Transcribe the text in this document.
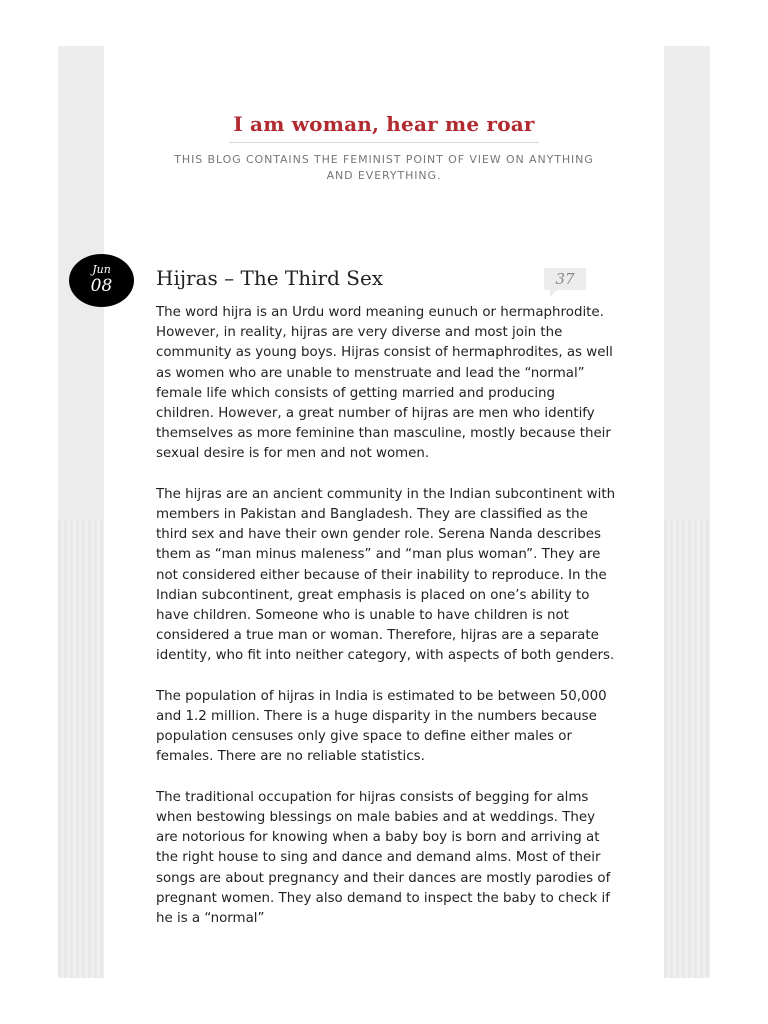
I am woman, hear me roar
THIS BLOG CONTAINS THE FEMINIST POINT OF VIEW ON ANYTHING AND EVERYTHING.
Jun
08	Hijras – The Third Sex	37

The word hijra is an Urdu word meaning eunuch or hermaphrodite. However, in reality, hijras are very diverse and most join the community as young boys. Hijras consist of hermaphrodites, as well as women who are unable to menstruate and lead the “normal” female life which consists of getting married and producing children. However, a great number of hijras are men who identify themselves as more feminine than masculine, mostly because their sexual desire is for men and not women.

The hijras are an ancient community in the Indian subcontinent with members in Pakistan and Bangladesh. They are classified as the third sex and have their own gender role. Serena Nanda describes them as “man minus maleness” and “man plus woman”. They are not considered either because of their inability to reproduce. In the Indian subcontinent, great emphasis is placed on one’s ability to have children. Someone who is unable to have children is not considered a true man or woman. Therefore, hijras are a separate identity, who fit into neither category, with aspects of both genders.

The population of hijras in India is estimated to be between 50,000 and 1.2 million. There is a huge disparity in the numbers because population censuses only give space to define either males or females. There are no reliable statistics.

The traditional occupation for hijras consists of begging for alms when bestowing blessings on male babies and at weddings. They are notorious for knowing when a baby boy is born and arriving at the right house to sing and dance and demand alms. Most of their songs are about pregnancy and their dances are mostly parodies of pregnant women. They also demand to inspect the baby to check if he is a “normal”
